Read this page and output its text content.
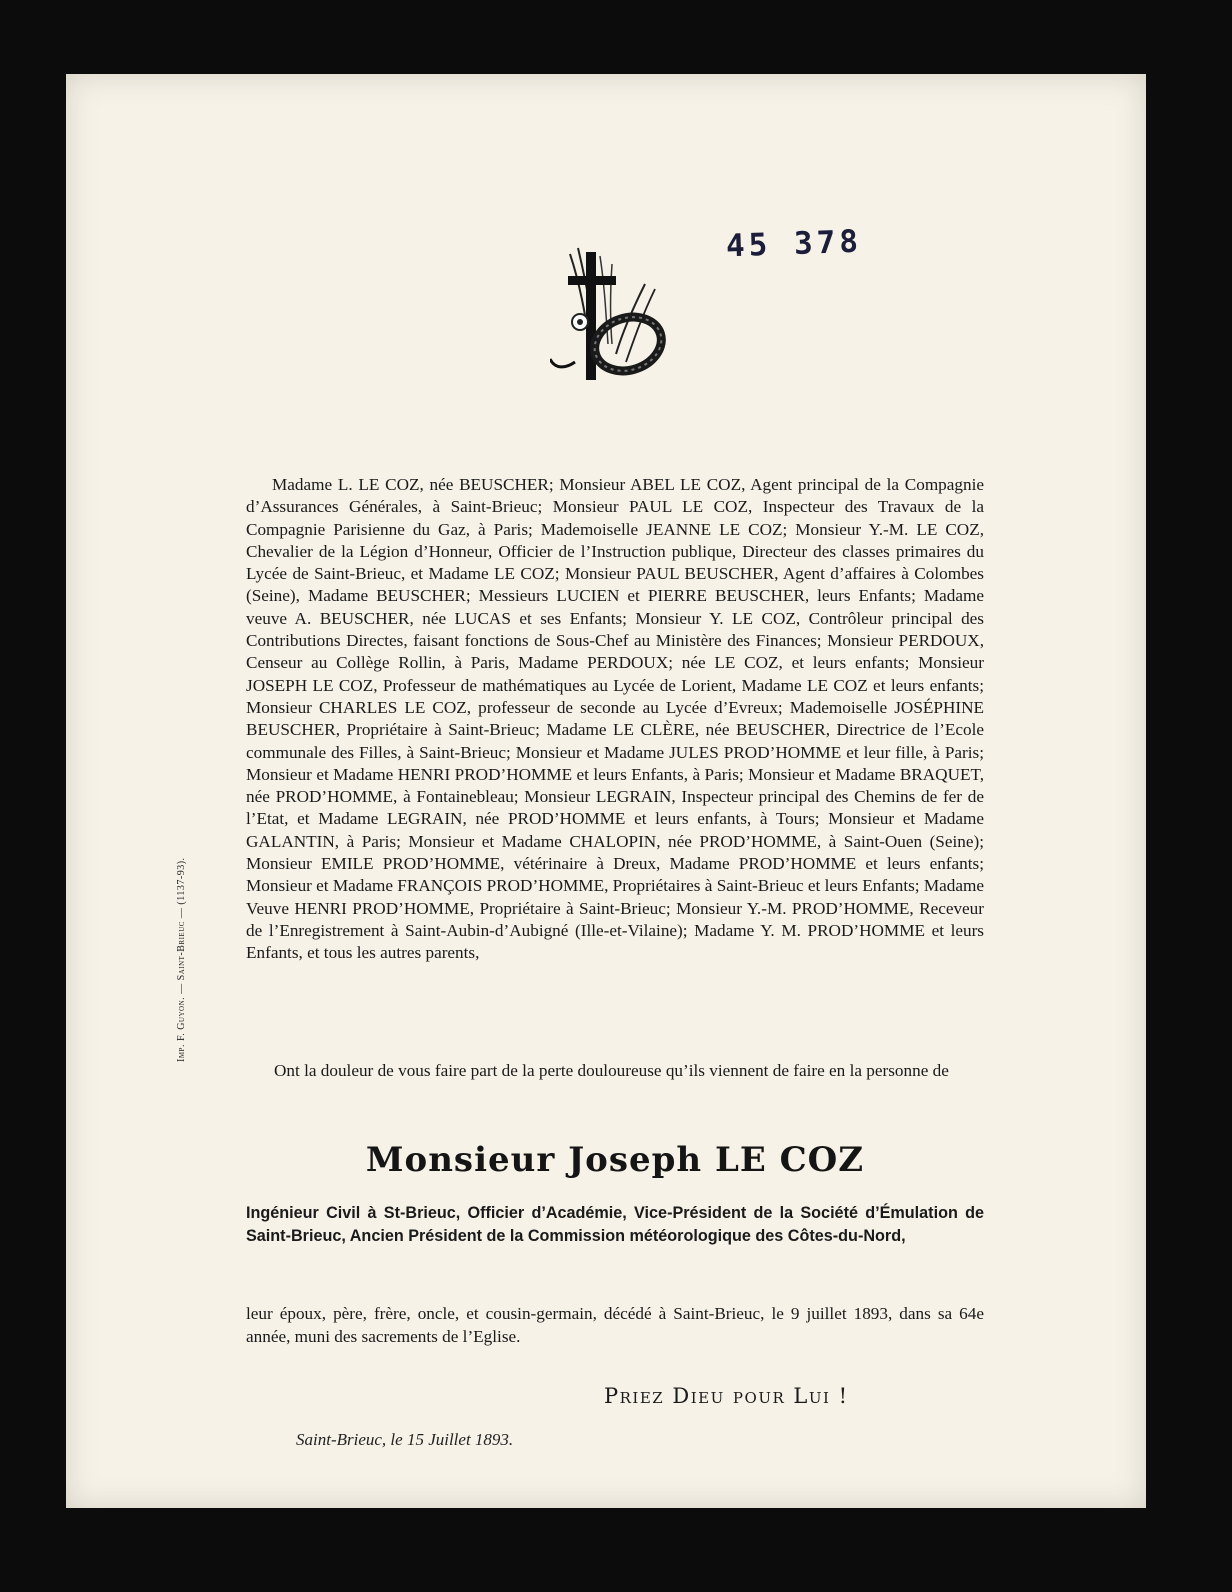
45 378
Madame L. LE COZ, née BEUSCHER; Monsieur ABEL LE COZ, Agent principal de la Compagnie d’Assurances Générales, à Saint-Brieuc; Monsieur PAUL LE COZ, Inspecteur des Travaux de la Compagnie Parisienne du Gaz, à Paris; Mademoiselle JEANNE LE COZ; Monsieur Y.-M. LE COZ, Chevalier de la Légion d’Honneur, Officier de l’Instruction publique, Directeur des classes primaires du Lycée de Saint-Brieuc, et Madame LE COZ; Monsieur PAUL BEUSCHER, Agent d’affaires à Colombes (Seine), Madame BEUSCHER; Messieurs LUCIEN et PIERRE BEUSCHER, leurs Enfants; Madame veuve A. BEUSCHER, née LUCAS et ses Enfants; Monsieur Y. LE COZ, Contrôleur principal des Contributions Directes, faisant fonctions de Sous-Chef au Ministère des Finances; Monsieur PERDOUX, Censeur au Collège Rollin, à Paris, Madame PERDOUX; née LE COZ, et leurs enfants; Monsieur JOSEPH LE COZ, Professeur de mathématiques au Lycée de Lorient, Madame LE COZ et leurs enfants; Monsieur CHARLES LE COZ, professeur de seconde au Lycée d’Evreux; Mademoiselle JOSÉPHINE BEUSCHER, Propriétaire à Saint-Brieuc; Madame LE CLÈRE, née BEUSCHER, Directrice de l’Ecole communale des Filles, à Saint-Brieuc; Monsieur et Madame JULES PROD’HOMME et leur fille, à Paris; Monsieur et Madame HENRI PROD’HOMME et leurs Enfants, à Paris; Monsieur et Madame BRAQUET, née PROD’HOMME, à Fontainebleau; Monsieur LEGRAIN, Inspecteur principal des Chemins de fer de l’Etat, et Madame LEGRAIN, née PROD’HOMME et leurs enfants, à Tours; Monsieur et Madame GALANTIN, à Paris; Monsieur et Madame CHALOPIN, née PROD’HOMME, à Saint-Ouen (Seine); Monsieur EMILE PROD’HOMME, vétérinaire à Dreux, Madame PROD’HOMME et leurs enfants; Monsieur et Madame FRANÇOIS PROD’HOMME, Propriétaires à Saint-Brieuc et leurs Enfants; Madame Veuve HENRI PROD’HOMME, Propriétaire à Saint-Brieuc; Monsieur Y.-M. PROD’HOMME, Receveur de l’Enregistrement à Saint-Aubin-d’Aubigné (Ille-et-Vilaine); Madame Y. M. PROD’HOMME et leurs Enfants, et tous les autres parents,
Ont la douleur de vous faire part de la perte douloureuse qu’ils viennent de faire en la personne de
Monsieur Joseph LE COZ
Ingénieur Civil à St-Brieuc, Officier d’Académie, Vice-Président de la Société d’Émulation de Saint-Brieuc, Ancien Président de la Commission météorologique des Côtes-du-Nord,
leur époux, père, frère, oncle, et cousin-germain, décédé à Saint-Brieuc, le 9 juillet 1893, dans sa 64e année, muni des sacrements de l’Eglise.
Priez Dieu pour Lui !
Saint-Brieuc, le 15 Juillet 1893.
Imp. F. Guyon. — Saint-Brieuc — (1137-93).
